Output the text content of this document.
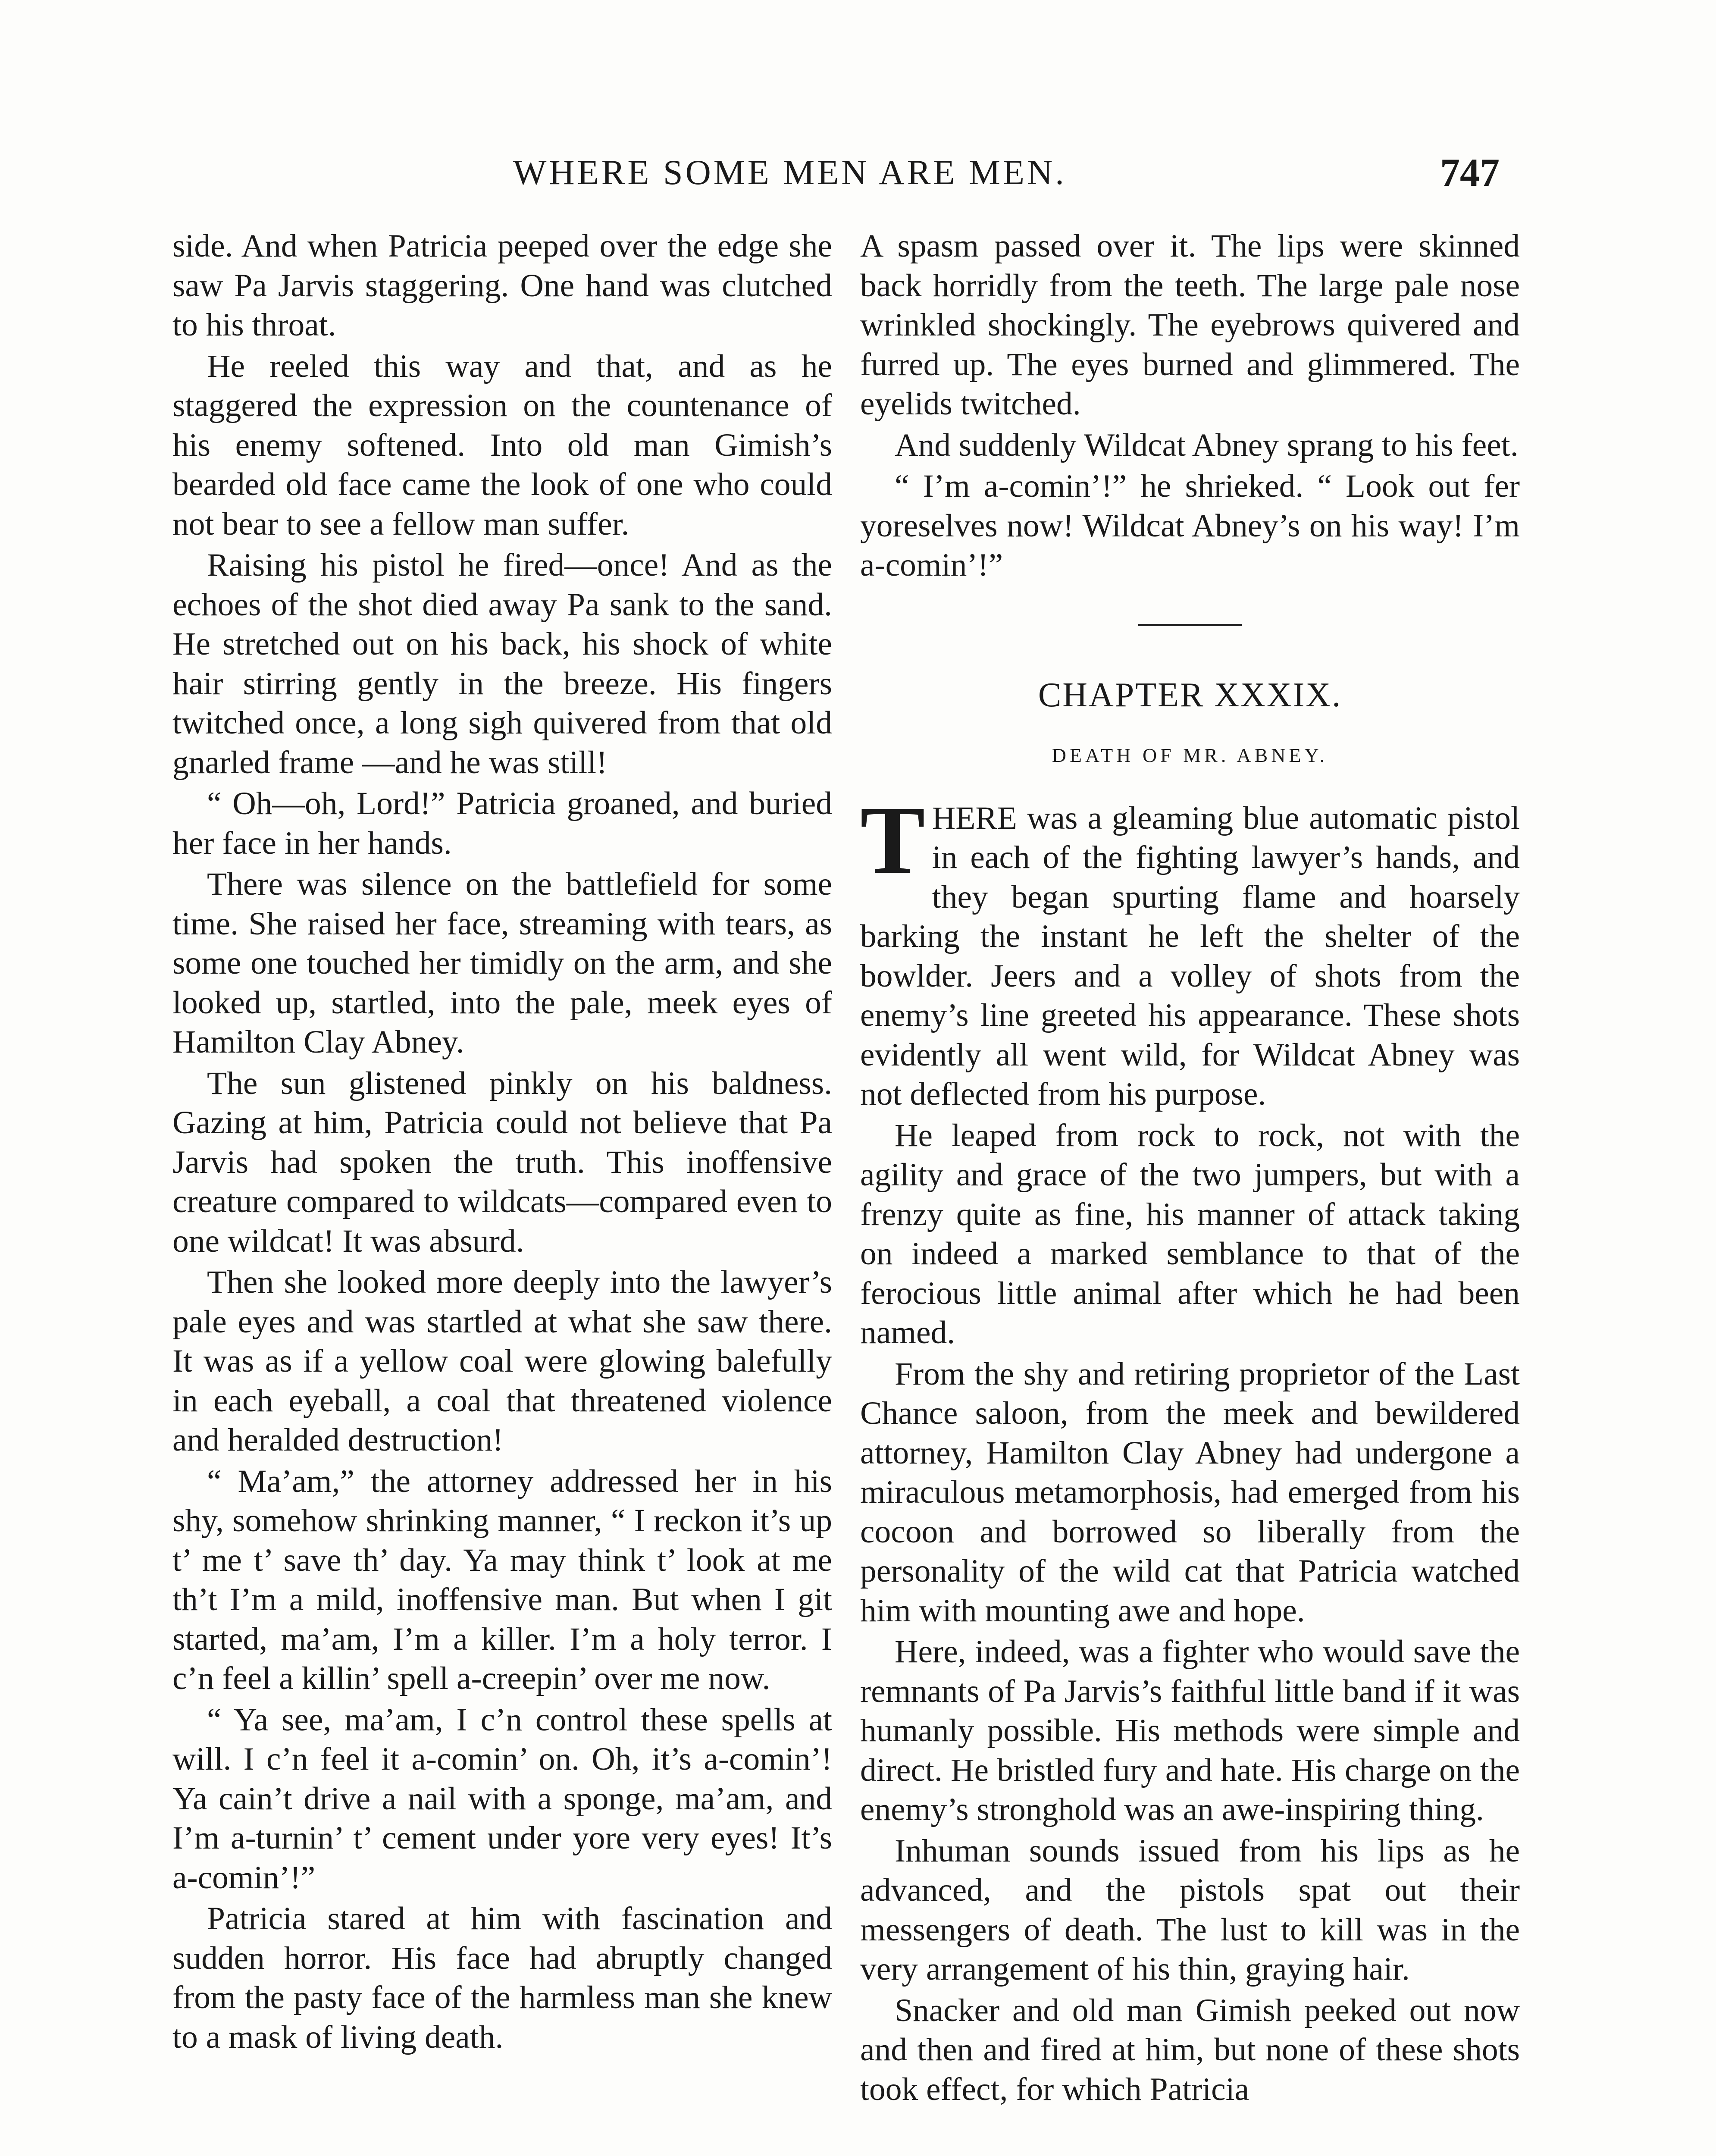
WHERE SOME MEN ARE MEN.	747

side. And when Patricia peeped over the edge she saw Pa Jarvis staggering. One hand was clutched to his throat.

He reeled this way and that, and as he staggered the expression on the countenance of his enemy softened. Into old man Gimish’s bearded old face came the look of one who could not bear to see a fellow man suffer.

Raising his pistol he fired—once! And as the echoes of the shot died away Pa sank to the sand. He stretched out on his back, his shock of white hair stirring gently in the breeze. His fingers twitched once, a long sigh quivered from that old gnarled frame —and he was still!

“ Oh—oh, Lord!” Patricia groaned, and buried her face in her hands.

There was silence on the battlefield for some time. She raised her face, streaming with tears, as some one touched her timidly on the arm, and she looked up, startled, into the pale, meek eyes of Hamilton Clay Abney.

The sun glistened pinkly on his baldness. Gazing at him, Patricia could not believe that Pa Jarvis had spoken the truth. This inoffensive creature compared to wildcats—compared even to one wildcat! It was absurd.

Then she looked more deeply into the lawyer’s pale eyes and was startled at what she saw there. It was as if a yellow coal were glowing balefully in each eyeball, a coal that threatened violence and heralded destruction!

“ Ma’am,” the attorney addressed her in his shy, somehow shrinking manner, “ I reckon it’s up t’ me t’ save th’ day. Ya may think t’ look at me th’t I’m a mild, inoffensive man. But when I git started, ma’am, I’m a killer. I’m a holy terror. I c’n feel a killin’ spell a-creepin’ over me now.

“ Ya see, ma’am, I c’n control these spells at will. I c’n feel it a-comin’ on. Oh, it’s a-comin’! Ya cain’t drive a nail with a sponge, ma’am, and I’m a-turnin’ t’ cement under yore very eyes! It’s a-comin’!”

Patricia stared at him with fascination and sudden horror. His face had abruptly changed from the pasty face of the harmless man she knew to a mask of living death.

A spasm passed over it. The lips were skinned back horridly from the teeth. The large pale nose wrinkled shockingly. The eyebrows quivered and furred up. The eyes burned and glimmered. The eyelids twitched.

And suddenly Wildcat Abney sprang to his feet.

“ I’m a-comin’!” he shrieked. “ Look out fer yoreselves now! Wildcat Abney’s on his way! I’m a-comin’!”

CHAPTER XXXIX.
DEATH OF MR. ABNEY.

THERE was a gleaming blue automatic pistol in each of the fighting lawyer’s hands, and they began spurting flame and hoarsely barking the instant he left the shelter of the bowlder. Jeers and a volley of shots from the enemy’s line greeted his appearance. These shots evidently all went wild, for Wildcat Abney was not deflected from his purpose.

He leaped from rock to rock, not with the agility and grace of the two jumpers, but with a frenzy quite as fine, his manner of attack taking on indeed a marked semblance to that of the ferocious little animal after which he had been named.

From the shy and retiring proprietor of the Last Chance saloon, from the meek and bewildered attorney, Hamilton Clay Abney had undergone a miraculous metamorphosis, had emerged from his cocoon and borrowed so liberally from the personality of the wild cat that Patricia watched him with mounting awe and hope.

Here, indeed, was a fighter who would save the remnants of Pa Jarvis’s faithful little band if it was humanly possible. His methods were simple and direct. He bristled fury and hate. His charge on the enemy’s stronghold was an awe-inspiring thing.

Inhuman sounds issued from his lips as he advanced, and the pistols spat out their messengers of death. The lust to kill was in the very arrangement of his thin, graying hair.

Snacker and old man Gimish peeked out now and then and fired at him, but none of these shots took effect, for which Patricia
